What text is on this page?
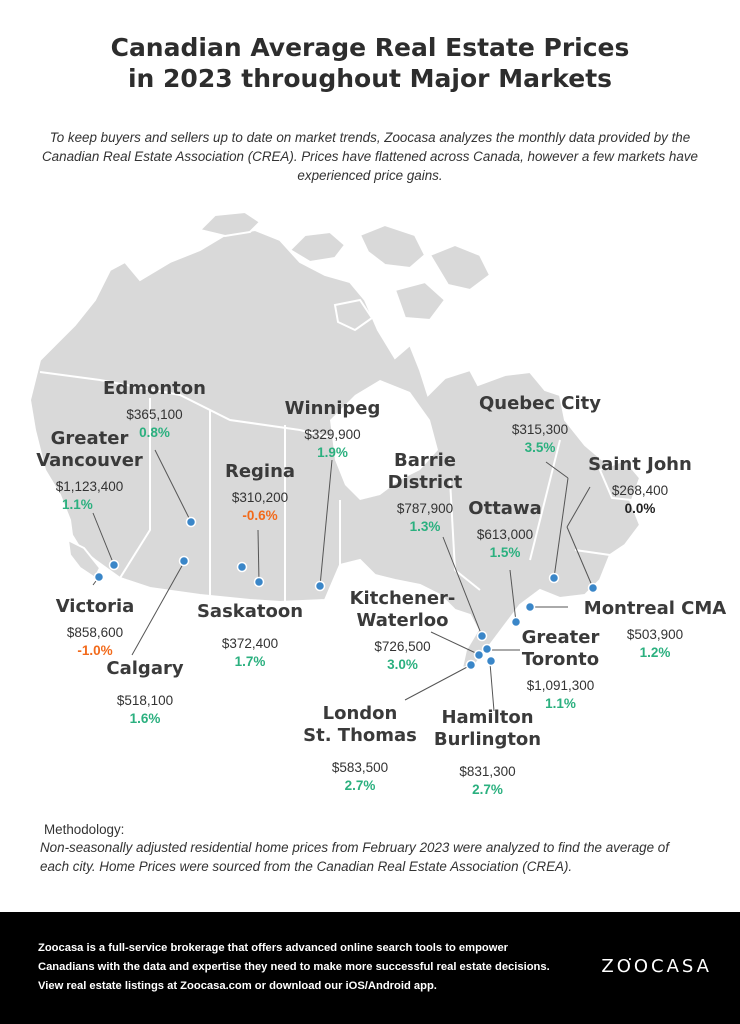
Canadian Average Real Estate Prices
in 2023 throughout Major Markets
To keep buyers and sellers up to date on market trends, Zoocasa analyzes the monthly data provided by the Canadian Real Estate Association (CREA). Prices have flattened across Canada, however a few markets have experienced price gains.
Edmonton
$365,100
0.8%
Greater
Vancouver
$1,123,400
1.1%
Winnipeg
$329,900
1.9%
Regina
$310,200
-0.6%
Quebec City
$315,300
3.5%
Barrie
District
$787,900
1.3%
Saint John
$268,400
0.0%
Ottawa
$613,000
1.5%
Victoria
$858,600
-1.0%
Saskatoon
$372,400
1.7%
Kitchener-
Waterloo
$726,500
3.0%
Montreal CMA
$503,900
1.2%
Calgary
$518,100
1.6%
Greater
Toronto
$1,091,300
1.1%
London
St. Thomas
$583,500
2.7%
Hamilton
Burlington
$831,300
2.7%
Methodology:
Non-seasonally adjusted residential home prices from February 2023 were analyzed to find the average of each city. Home Prices were sourced from the Canadian Real Estate Association (CREA).
Zoocasa is a full-service brokerage that offers advanced online search tools to empower
Canadians with the data and expertise they need to make more successful real estate decisions.
View real estate listings at Zoocasa.com or download our iOS/Android app.
ZO͘OCASA
